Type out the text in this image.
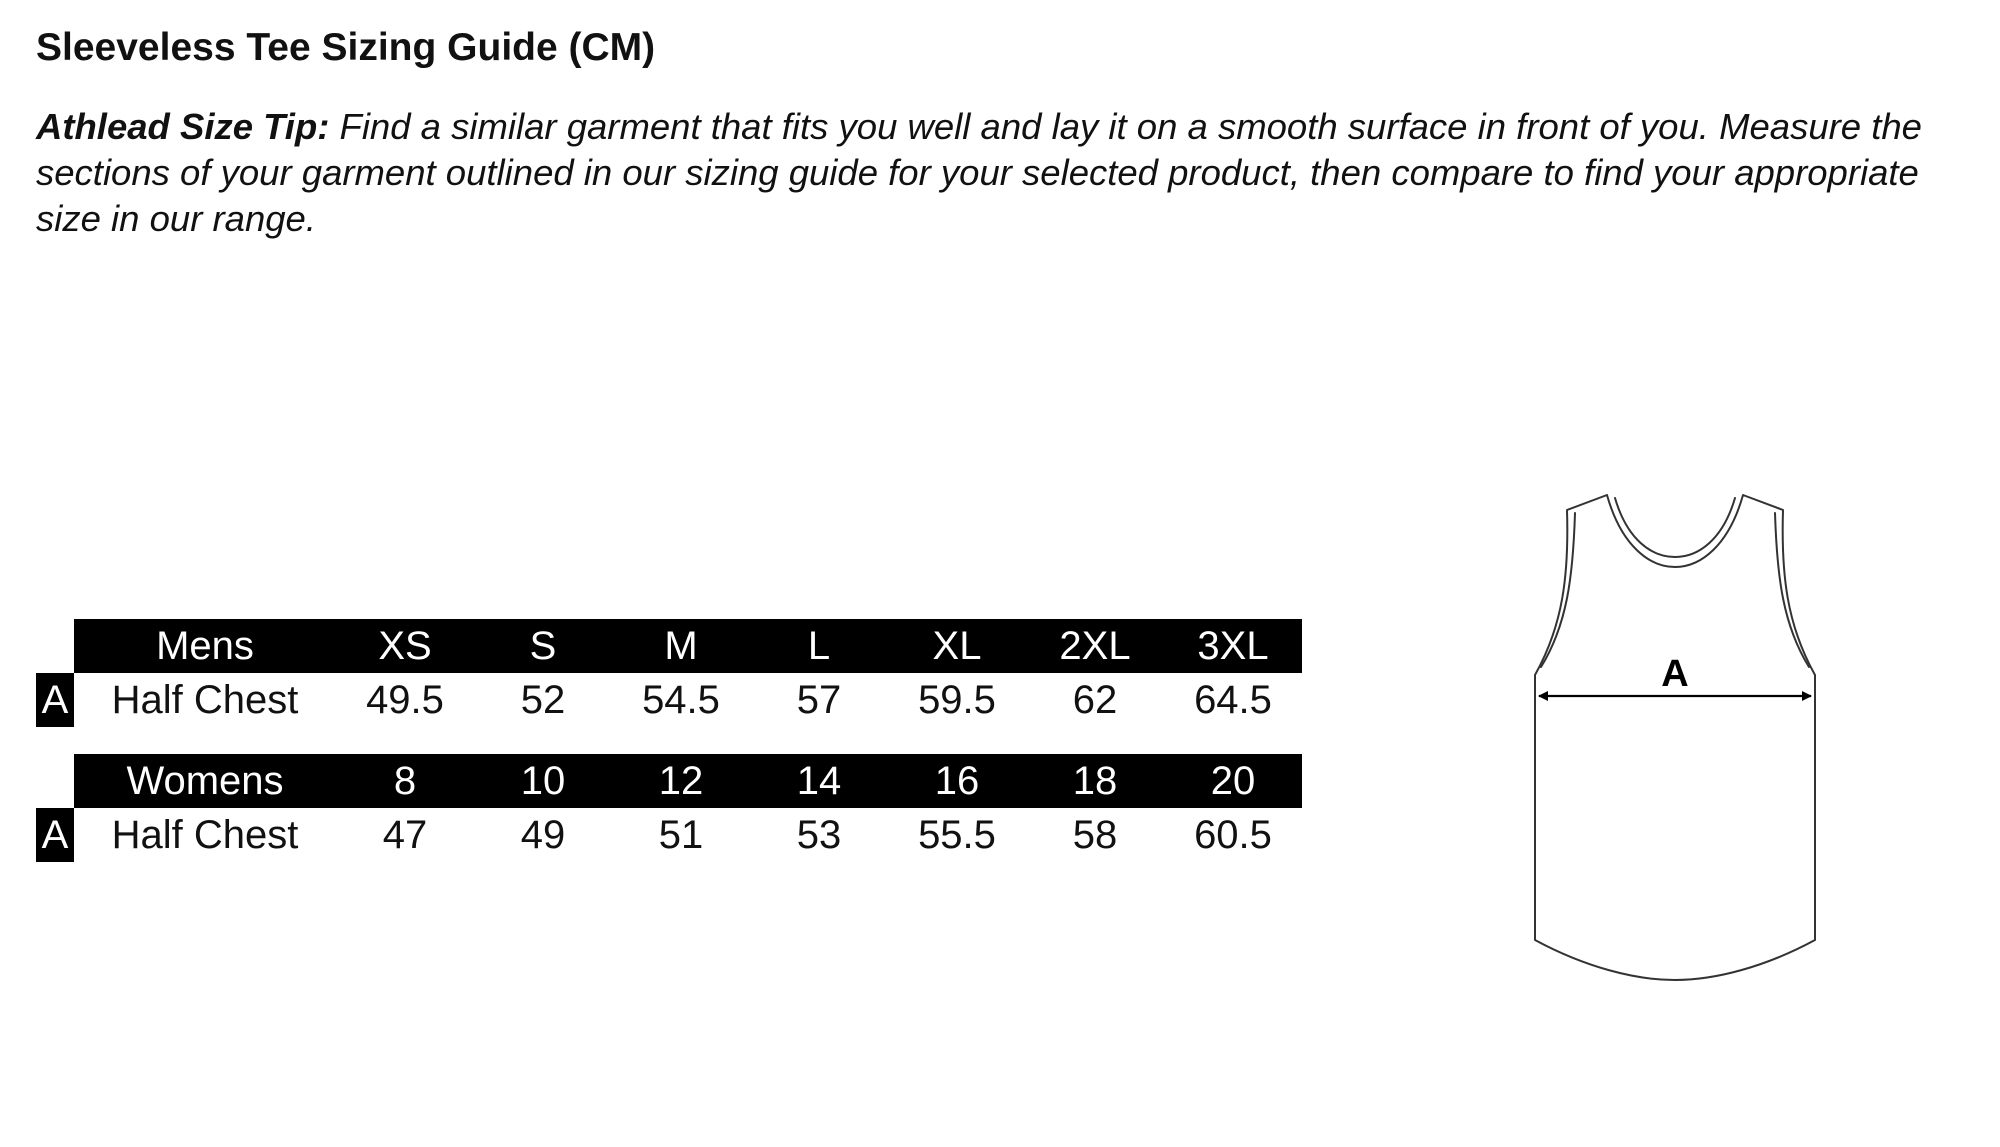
Sleeveless Tee Sizing Guide (CM)

Athlead Size Tip: Find a similar garment that fits you well and lay it on a smooth surface in front of you. Measure the sections of your garment outlined in our sizing guide for your selected product, then compare to find your appropriate size in our range.

	Mens	XS	S	M	L	XL	2XL	3XL

A	Half Chest	49.5	52	54.5	57	59.5	62	64.5
	Womens	8	10	12	14	16	18	20

A	Half Chest	47	49	51	53	55.5	58	60.5
A
